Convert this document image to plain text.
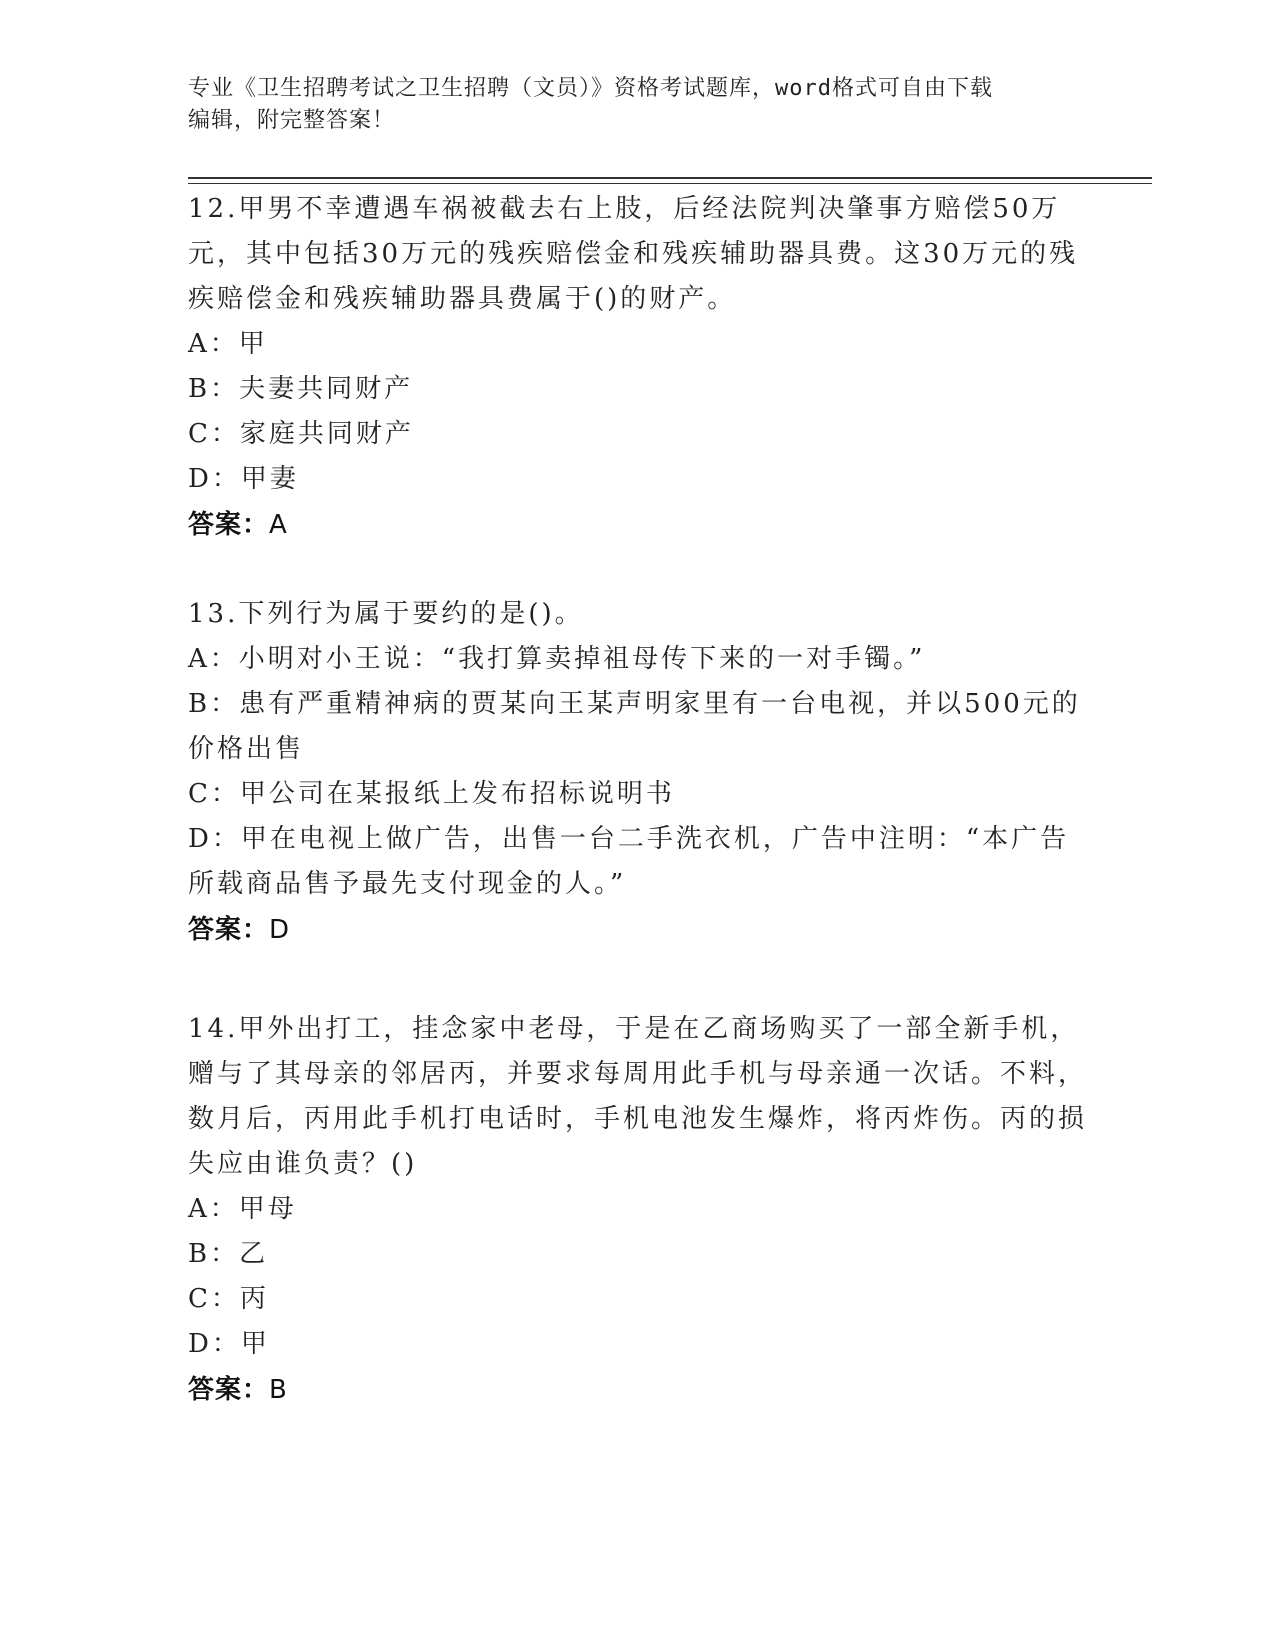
专业《卫生招聘考试之卫生招聘（文员）》资格考试题库，word格式可自由下载
编辑，附完整答案！
12.甲男不幸遭遇车祸被截去右上肢，后经法院判决肇事方赔偿50万元，其中包括30万元的残疾赔偿金和残疾辅助器具费。这30万元的残疾赔偿金和残疾辅助器具费属于()的财产。
A：甲
B：夫妻共同财产
C：家庭共同财产
D：甲妻
答案：A
13.下列行为属于要约的是()。
A：小明对小王说：“我打算卖掉祖母传下来的一对手镯。”
B：患有严重精神病的贾某向王某声明家里有一台电视，并以500元的价格出售
C：甲公司在某报纸上发布招标说明书
D：甲在电视上做广告，出售一台二手洗衣机，广告中注明：“本广告所载商品售予最先支付现金的人。”
答案：D
14.甲外出打工，挂念家中老母，于是在乙商场购买了一部全新手机，赠与了其母亲的邻居丙，并要求每周用此手机与母亲通一次话。不料，数月后，丙用此手机打电话时，手机电池发生爆炸，将丙炸伤。丙的损失应由谁负责？()
A：甲母
B：乙
C：丙
D：甲
答案：B
